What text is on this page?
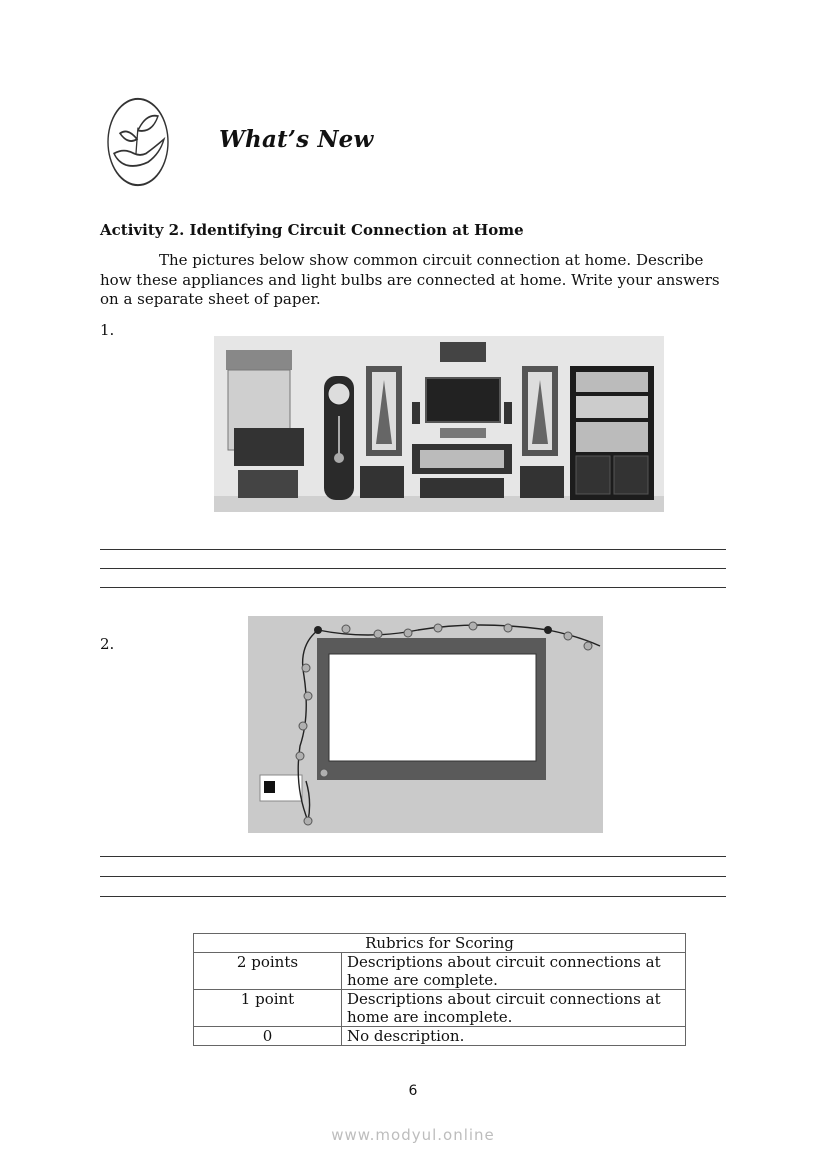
What’s New
Activity 2. Identifying Circuit Connection at Home

The pictures below show common circuit connection at home. Describe how these appliances and light bulbs are connected at home. Write your answers on a separate sheet of paper.

1.
2.
Rubrics for Scoring	
2 points	Descriptions about circuit connections at home are complete.
1 point	Descriptions about circuit connections at home are incomplete.
0	No description.
6
www.modyul.online
